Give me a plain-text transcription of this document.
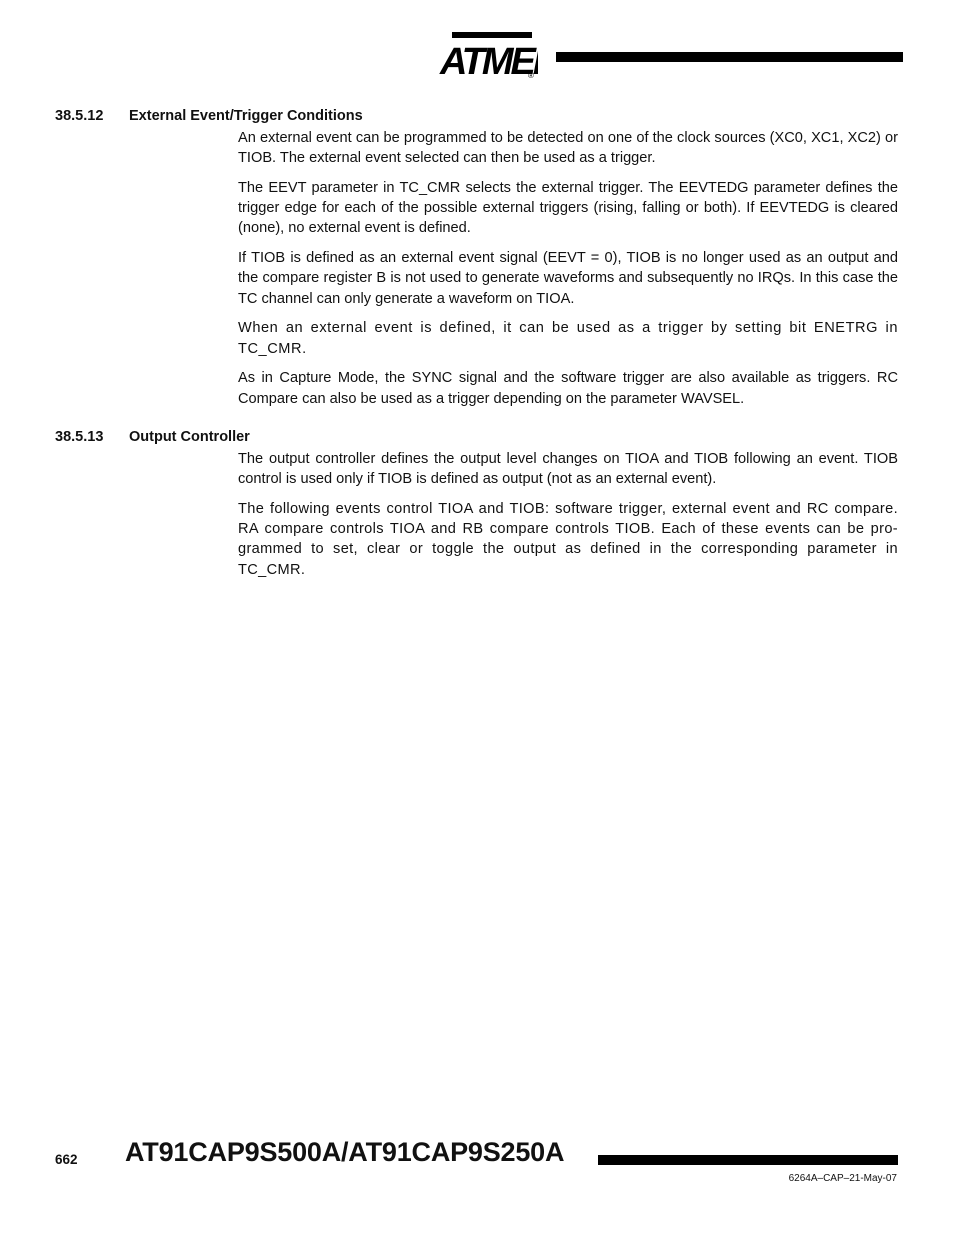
ATME
®
38.5.12 External Event/Trigger Conditions

An external event can be programmed to be detected on one of the clock sources (XC0, XC1, XC2) or TIOB. The external event selected can then be used as a trigger.

The EEVT parameter in TC_CMR selects the external trigger. The EEVTEDG parameter defines the trigger edge for each of the possible external triggers (rising, falling or both). If EEVTEDG is cleared (none), no external event is defined.

If TIOB is defined as an external event signal (EEVT = 0), TIOB is no longer used as an output and the compare register B is not used to generate waveforms and subsequently no IRQs. In this case the TC channel can only generate a waveform on TIOA.

When an external event is defined, it can be used as a trigger by setting bit ENETRG in TC_CMR.

As in Capture Mode, the SYNC signal and the software trigger are also available as triggers. RC Compare can also be used as a trigger depending on the parameter WAVSEL.

38.5.13 Output Controller

The output controller defines the output level changes on TIOA and TIOB following an event. TIOB control is used only if TIOB is defined as output (not as an external event).

The following events control TIOA and TIOB: software trigger, external event and RC compare. RA compare controls TIOA and RB compare controls TIOB. Each of these events can be pro-grammed to set, clear or toggle the output as defined in the corresponding parameter in TC_CMR.

662 AT91CAP9S500A/AT91CAP9S250A
6264A–CAP–21-May-07
